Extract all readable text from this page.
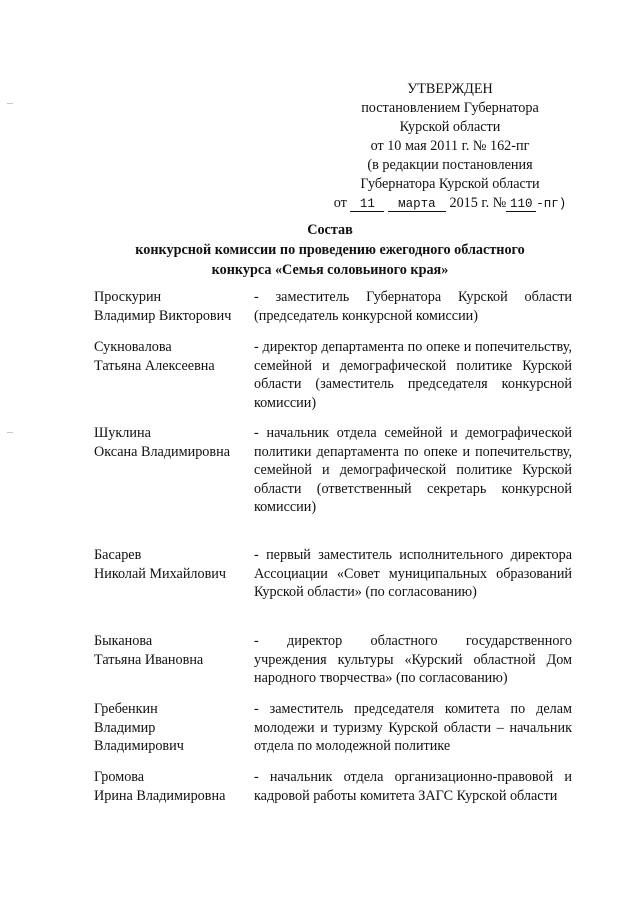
УТВЕРЖДЕН
постановлением Губернатора
Курской области
от 10 мая 2011 г. № 162-пг
(в редакции постановления
Губернатора Курской области
от 11 марта 2015 г. № 110 -пг)
Состав
конкурсной комиссии по проведению ежегодного областного
конкурса «Семья соловьиного края»
Проскурин
Владимир Викторович
- заместитель Губернатора Курской области (председатель конкурсной комиссии)
Сукновалова
Татьяна Алексеевна
- директор департамента по опеке и попечительству, семейной и демографической политике Курской области (заместитель председателя конкурсной комиссии)
Шуклина
Оксана Владимировна
- начальник отдела семейной и демографической политики департамента по опеке и попечительству, семейной и демографической политике Курской области (ответственный секретарь конкурсной комиссии)
Басарев
Николай Михайлович
- первый заместитель исполнительного директора Ассоциации «Совет муниципальных образований Курской области» (по согласованию)
Быканова
Татьяна Ивановна
- директор областного государственного учреждения культуры «Курский областной Дом народного творчества» (по согласованию)
Гребенкин
Владимир
Владимирович
- заместитель председателя комитета по делам молодежи и туризму Курской области – начальник отдела по молодежной политике
Громова
Ирина Владимировна
- начальник отдела организационно-правовой и кадровой работы комитета ЗАГС Курской области
